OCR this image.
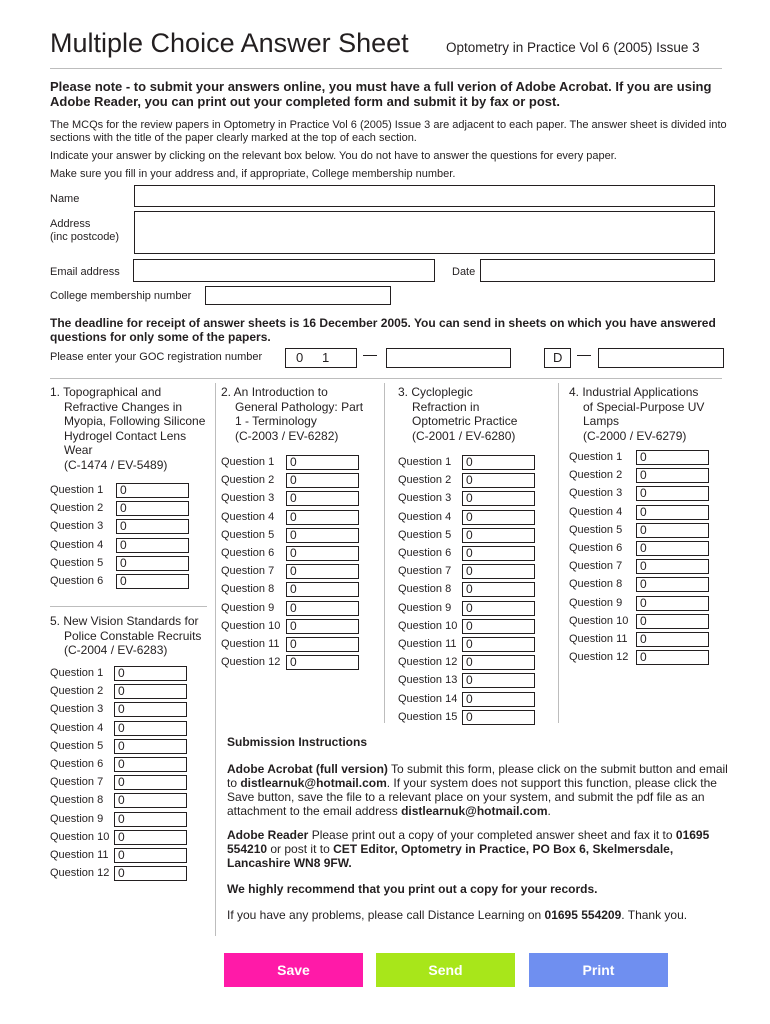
Multiple Choice Answer Sheet	Optometry in Practice Vol 6 (2005) Issue 3
Please note - to submit your answers online, you must have a full verion of Adobe Acrobat. If you are using Adobe Reader, you can print out your completed form and submit it by fax or post.
The MCQs for the review papers in Optometry in Practice Vol 6 (2005) Issue 3 are adjacent to each paper. The answer sheet is divided into sections with the title of the paper clearly marked at the top of each section.
Indicate your answer by clicking on the relevant box below. You do not have to answer the questions for every paper.
Make sure you fill in your address and, if appropriate, College membership number.
Name
Address
(inc postcode)
Email address	Date
College membership number
The deadline for receipt of answer sheets is 16 December 2005. You can send in sheets on which you have answered questions for only some of the papers.
Please enter your GOC registration number	0 1	D
1. Topographical and
Refractive Changes in
Myopia, Following Silicone
Hydrogel Contact Lens
Wear
(C-1474 / EV-5489)
Question 1	0
Question 2	0
Question 3	0
Question 4	0
Question 5	0
Question 6	0
2. An Introduction to
General Pathology: Part
1 - Terminology
(C-2003 / EV-6282)
Question 1	0
Question 2	0
Question 3	0
Question 4	0
Question 5	0
Question 6	0
Question 7	0
Question 8	0
Question 9	0
Question 10 0
Question 11 0
Question 12 0
3. Cycloplegic
Refraction in
Optometric Practice
(C-2001 / EV-6280)
Question 1	0
Question 2	0
Question 3	0
Question 4	0
Question 5	0
Question 6	0
Question 7	0
Question 8	0
Question 9	0
Question 10 0
Question 11 0
Question 12 0
Question 13 0
Question 14 0
Question 15 0
4. Industrial Applications
of Special-Purpose UV
Lamps
(C-2000 / EV-6279)
Question 1	0
Question 2	0
Question 3	0
Question 4	0
Question 5	0
Question 6	0
Question 7	0
Question 8	0
Question 9	0
Question 10 0
Question 11	0
Question 12 0
5. New Vision Standards for
Police Constable Recruits
(C-2004 / EV-6283)
Question 1	0
Question 2	0
Question 3	0
Question 4	0
Question 5	0
Question 6	0
Question 7	0
Question 8	0
Question 9	0
Question 10 0
Question 11 0
Question 12 0
Submission Instructions
Adobe Acrobat (full version) To submit this form, please click on the submit button and email to distlearnuk@hotmail.com. If your system does not support this function, please click the Save button, save the file to a relevant place on your system, and submit the pdf file as an attachment to the email address distlearnuk@hotmail.com.
Adobe Reader Please print out a copy of your completed answer sheet and fax it to 01695 554210 or post it to CET Editor, Optometry in Practice, PO Box 6, Skelmersdale, Lancashire WN8 9FW.
We highly recommend that you print out a copy for your records.
If you have any problems, please call Distance Learning on 01695 554209. Thank you.
Save	Send	Print
